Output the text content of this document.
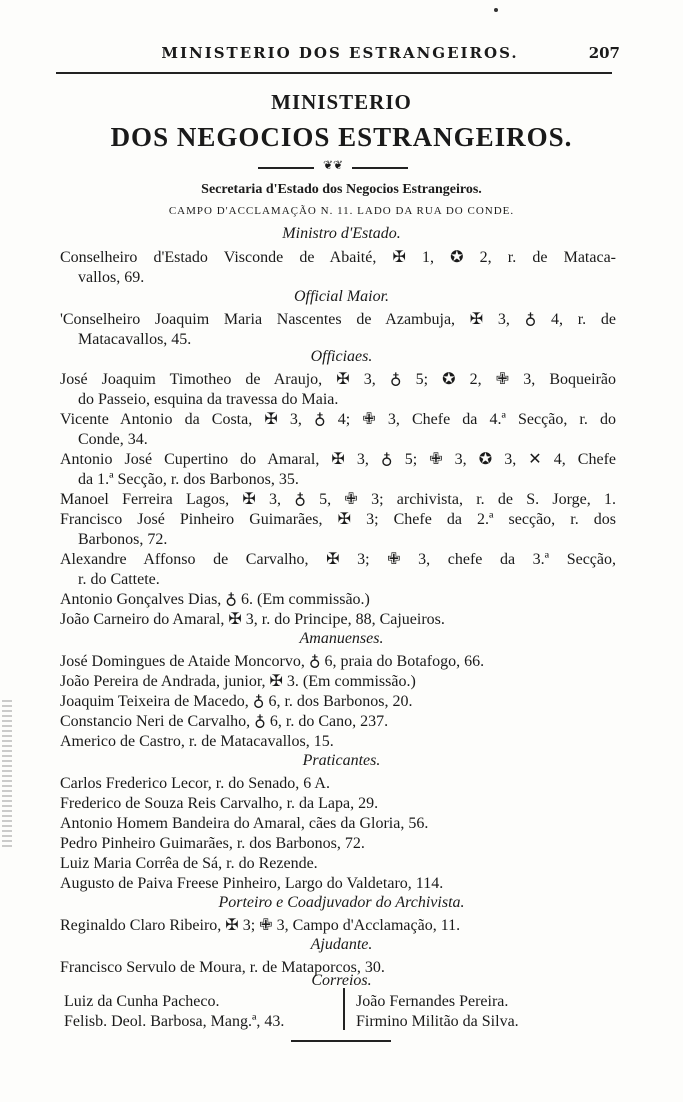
MINISTERIO DOS ESTRANGEIROS.	207
MINISTERIO
DOS NEGOCIOS ESTRANGEIROS.
❦❦
Secretaria d'Estado dos Negocios Estrangeiros.
CAMPO D'ACCLAMAÇÃO N. 11. LADO DA RUA DO CONDE.
Ministro d'Estado.
Conselheiro d'Estado Visconde de Abaité, ✠ 1, ✪ 2, r. de Mataca-
vallos, 69.
Official Maior.
'Conselheiro Joaquim Maria Nascentes de Azambuja, ✠ 3, ♁ 4, r. de
Matacavallos, 45.
Officiaes.
José Joaquim Timotheo de Araujo, ✠ 3, ♁ 5; ✪ 2, ✙ 3, Boqueirão
do Passeio, esquina da travessa do Maia.
Vicente Antonio da Costa, ✠ 3, ♁ 4; ✙ 3, Chefe da 4.ª Secção, r. do
Conde, 34.
Antonio José Cupertino do Amaral, ✠ 3, ♁ 5; ✙ 3, ✪ 3, ✕ 4, Chefe
da 1.ª Secção, r. dos Barbonos, 35.
Manoel Ferreira Lagos, ✠ 3, ♁ 5, ✙ 3; archivista, r. de S. Jorge, 1.
Francisco José Pinheiro Guimarães, ✠ 3; Chefe da 2.ª secção, r. dos
Barbonos, 72.
Alexandre Affonso de Carvalho, ✠ 3; ✙ 3, chefe da 3.ª Secção,
r. do Cattete.
Antonio Gonçalves Dias, ♁ 6. (Em commissão.)
João Carneiro do Amaral, ✠ 3, r. do Principe, 88, Cajueiros.
Amanuenses.
José Domingues de Ataide Moncorvo, ♁ 6, praia do Botafogo, 66.
João Pereira de Andrada, junior, ✠ 3. (Em commissão.)
Joaquim Teixeira de Macedo, ♁ 6, r. dos Barbonos, 20.
Constancio Neri de Carvalho, ♁ 6, r. do Cano, 237.
Americo de Castro, r. de Matacavallos, 15.
Praticantes.
Carlos Frederico Lecor, r. do Senado, 6 A.
Frederico de Souza Reis Carvalho, r. da Lapa, 29.
Antonio Homem Bandeira do Amaral, cães da Gloria, 56.
Pedro Pinheiro Guimarães, r. dos Barbonos, 72.
Luiz Maria Corrêa de Sá, r. do Rezende.
Augusto de Paiva Freese Pinheiro, Largo do Valdetaro, 114.
Porteiro e Coadjuvador do Archivista.
Reginaldo Claro Ribeiro, ✠ 3; ✙ 3, Campo d'Acclamação, 11.
Ajudante.
Francisco Servulo de Moura, r. de Mataporcos, 30.
Correios.
Luiz da Cunha Pacheco.
Felisb. Deol. Barbosa, Mang.ª, 43.
João Fernandes Pereira.
Firmino Militão da Silva.
